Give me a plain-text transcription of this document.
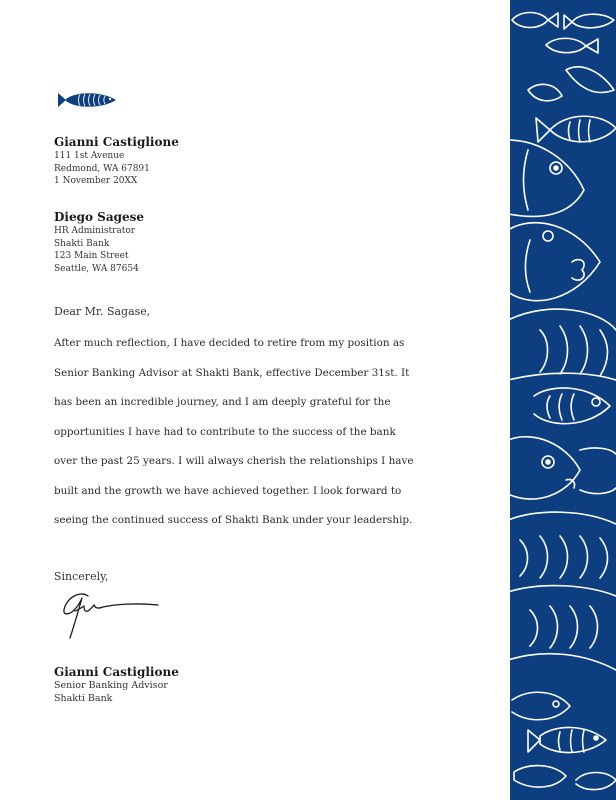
Gianni Castiglione
111 1st Avenue
Redmond, WA 67891
1 November 20XX
Diego Sagese
HR Administrator
Shakti Bank
123 Main Street
Seattle, WA 87654
Dear Mr. Sagase,

After much reflection, I have decided to retire from my position as Senior Banking Advisor at Shakti Bank, effective December 31st. It has been an incredible journey, and I am deeply grateful for the opportunities I have had to contribute to the success of the bank over the past 25 years. I will always cherish the relationships I have built and the growth we have achieved together. I look forward to seeing the continued success of Shakti Bank under your leadership.

Sincerely,
Gianni Castiglione
Senior Banking Advisor
Shakti Bank
